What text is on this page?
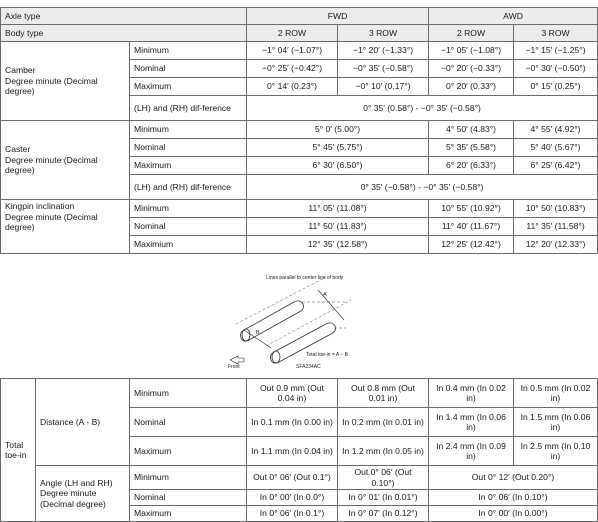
Axle type		FWD		AWD	
Body type		2 ROW	3 ROW	2 ROW	3 ROW

Camber
Degree minute (Decimal degree)	Minimum	−1° 04′ (−1.07°)	−1° 20′ (−1.33°)	−1° 05′ (−1.08°)	−1° 15′ (−1.25°)
	Nominal	−0° 25′ (−0.42°)	−0° 35′ (−0.58°)	−0° 20′ (−0.33°)	−0° 30′ (−0.50°)
	Maximum	0° 14′ (0.23°)	−0° 10′ (0.17°)	0° 20′ (0.33°)	0° 15′ (0.25°)
	(LH) and (RH) dif-ference	0° 35′ (0.58°) - −0° 35′ (−0.58°)			

Caster
Degree minute (Decimal degree)	Minimum	5° 0′ (5.00°)		4° 50′ (4.83°)	4° 55′ (4.92°)
	Nominal	5° 45′ (5.75°)		5° 35′ (5.58°)	5° 40′ (5.67°)
	Maximum	6° 30′ (6.50°)		6° 20′ (6.33°)	6° 25′ (6.42°)
	(LH) and (RH) dif-ference	0° 35′ (−0.58°) - −0° 35′ (−0.58°)			

Kingpin inclination
Degree minute (Decimal degree)	Minimum	11° 05′ (11.08°)		10° 55′ (10.92°)	10° 50′ (10.83°)
	Nominal	11° 50′ (11.83°)		11° 40′ (11.67°)	11° 35′ (11.58°)
	Maximium	12° 35′ (12.58°)		12° 25′ (12.42°)	12° 20′ (12.33°)
Lines parallel to center line of body
A
B
Total toe-in = A − B
Front	SFA234AC
Total toe-in	Distance (A - B)	Minimum	Out 0.9 mm (Out 0.04 in)	Out 0.8 mm (Out 0.01 in)	In 0.4 mm (In 0.02 in)	In 0.5 mm (In 0.02 in)
		Nominal	In 0.1 mm (In 0.00 in)	In 0.2 mm (In 0.01 in)	In 1.4 mm (In 0.06 in)	In 1.5 mm (In 0.06 in)
		Maximum	In 1.1 mm (In 0.04 in)	In 1.2 mm (In 0.05 in)	In 2.4 mm (In 0.09 in)	In 2.5 mm (In 0.10 in)
	Angle (LH and RH) Degree minute (Decimal degree)	Minimum	Out 0° 06′ (Out 0.1°)	Out 0° 06′ (Out 0.10°)	Out 0° 12′ (Out 0.20°)	
		Nominal	In 0° 00′ (In 0.0°)	In 0° 01′ (In 0.01°)	In 0° 06′ (In 0.10°)	
		Maximum	In 0° 06′ (In 0.1°)	In 0° 07′ (In 0.12°)	In 0° 00′ (In 0.00°)	
